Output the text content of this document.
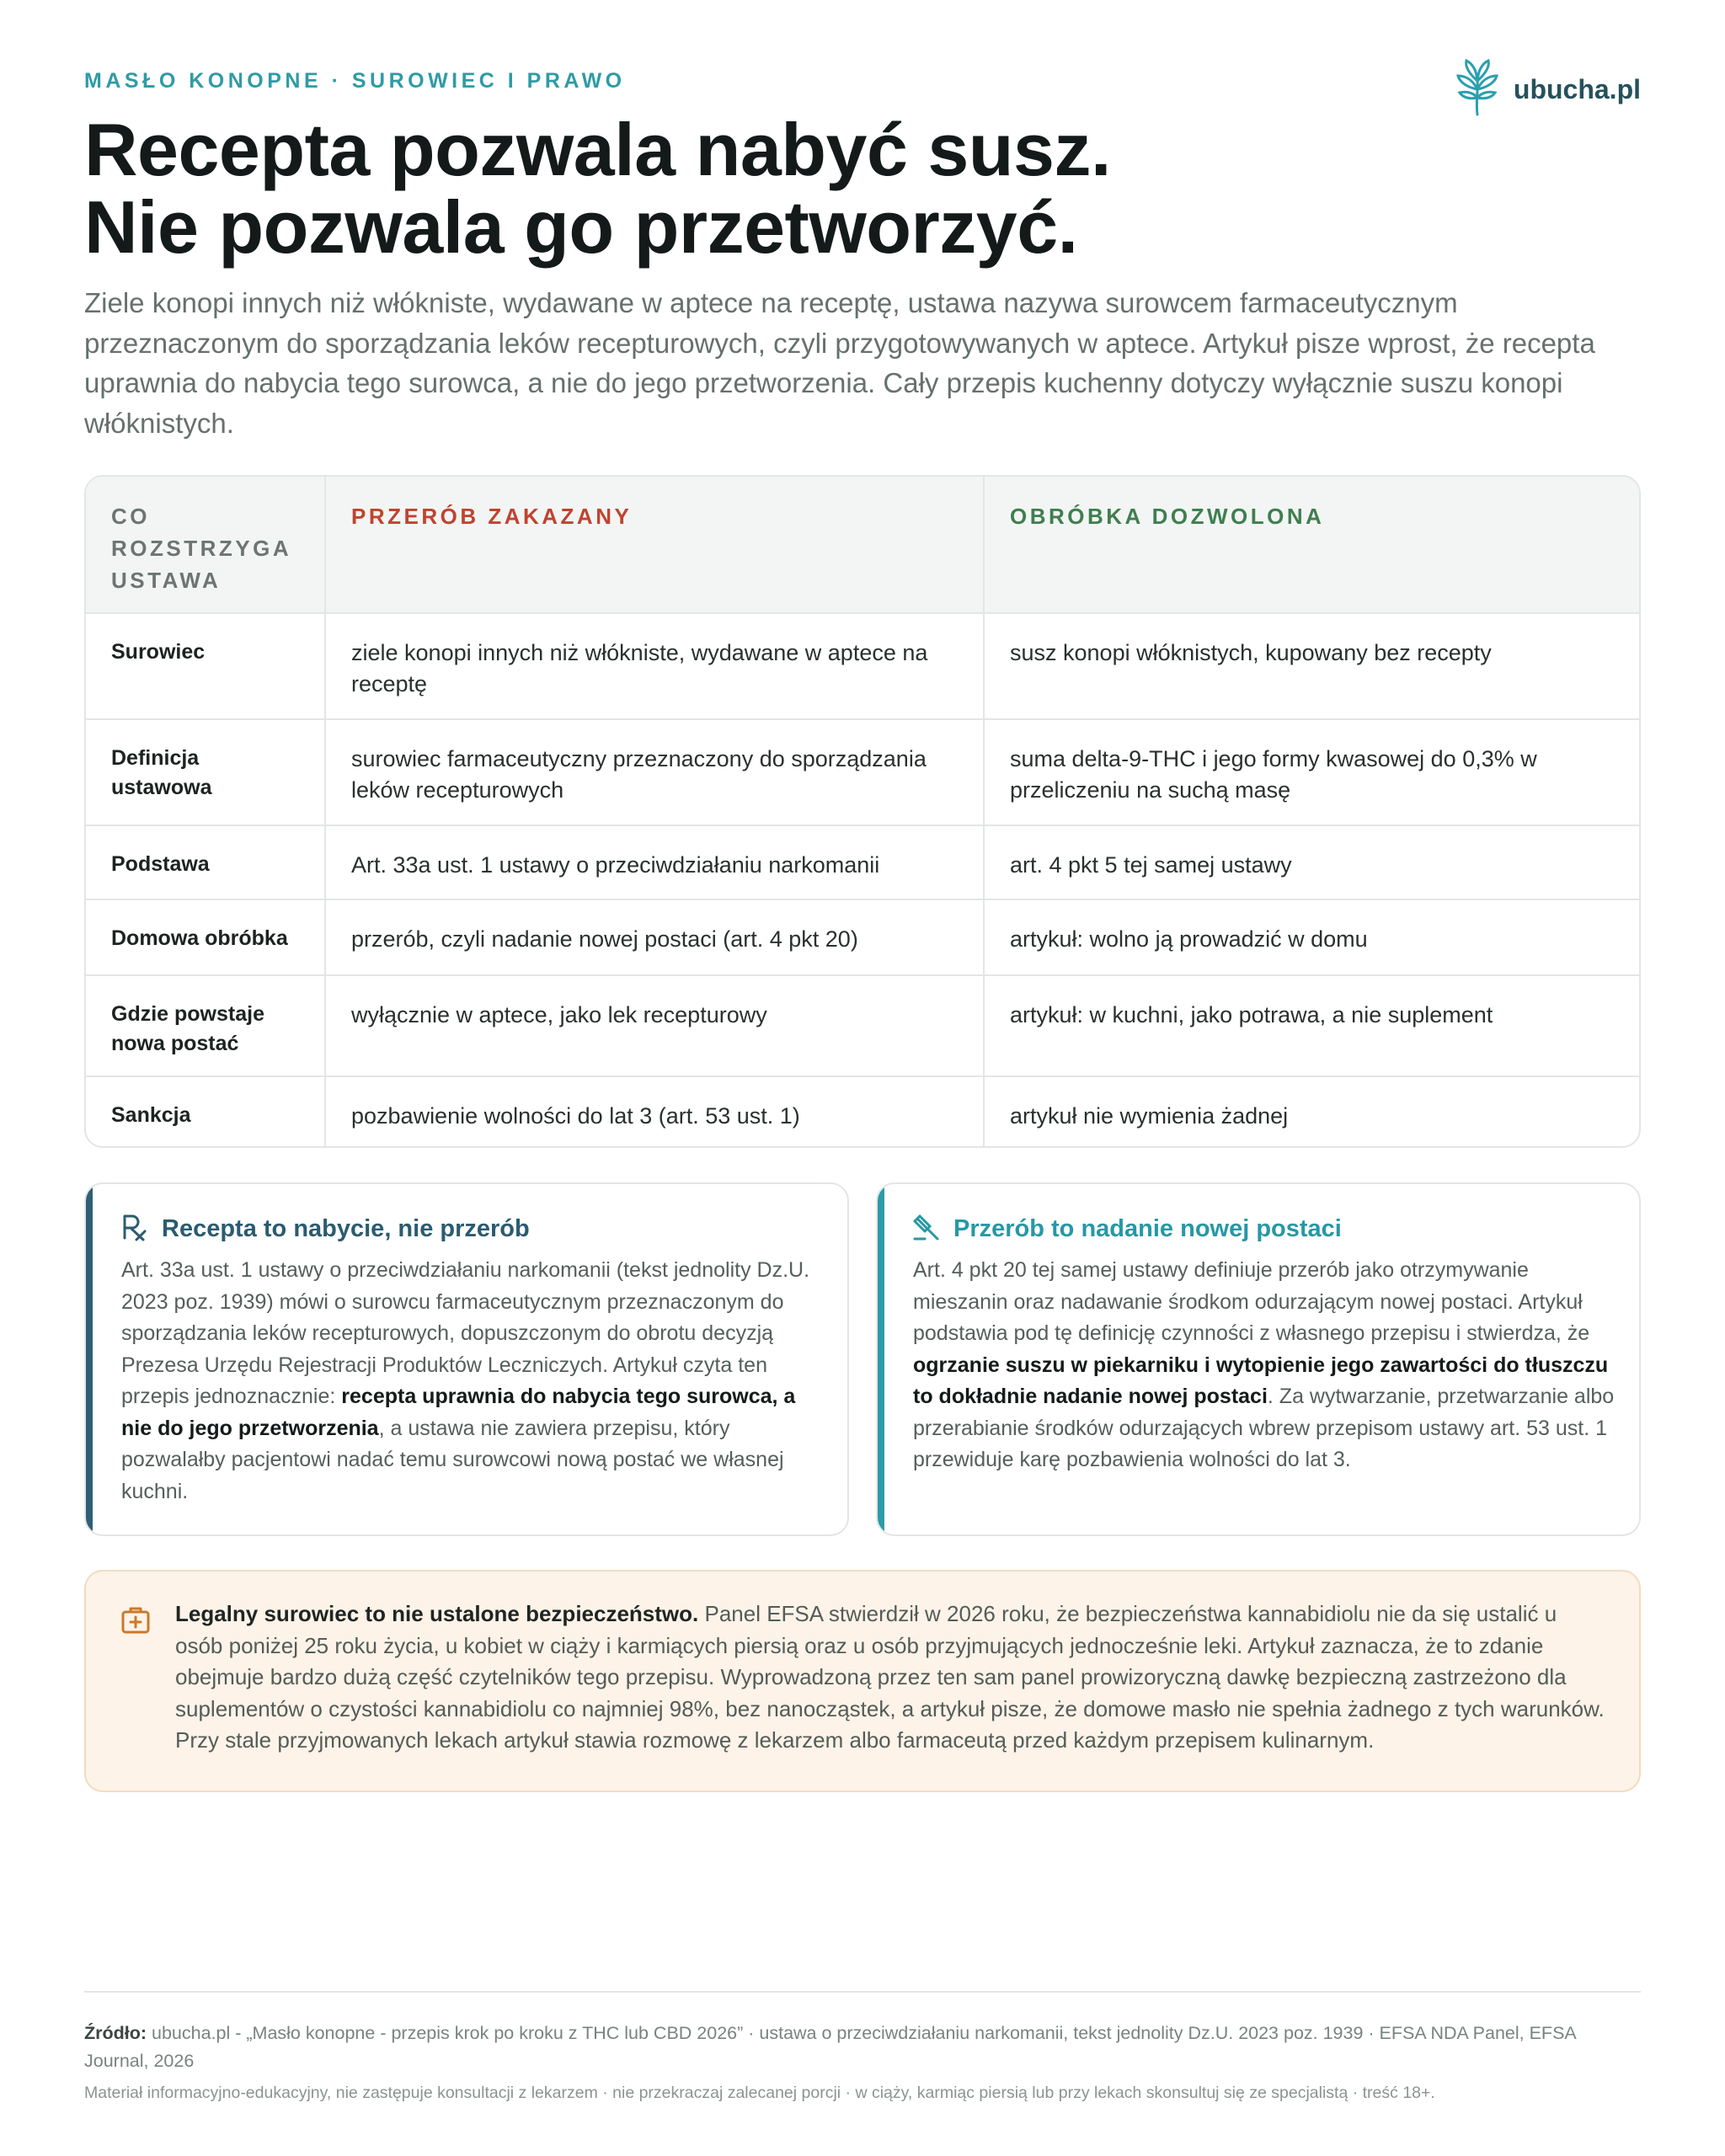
MASŁO KONOPNE · SUROWIEC I PRAWO	ubucha.pl
Recepta pozwala nabyć susz.
Nie pozwala go przetworzyć.

Ziele konopi innych niż włókniste, wydawane w aptece na receptę, ustawa nazywa surowcem farmaceutycznym przeznaczonym do sporządzania leków recepturowych, czyli przygotowywanych w aptece. Artykuł pisze wprost, że recepta uprawnia do nabycia tego surowca, a nie do jego przetworzenia. Cały przepis kuchenny dotyczy wyłącznie suszu konopi włóknistych.

CO ROZSTRZYGA USTAWA	PRZERÓB ZAKAZANY	OBRÓBKA DOZWOLONA
Surowiec	ziele konopi innych niż włókniste, wydawane w aptece na receptę	susz konopi włóknistych, kupowany bez recepty
Definicja ustawowa	surowiec farmaceutyczny przeznaczony do sporządzania leków recepturowych	suma delta-9-THC i jego formy kwasowej do 0,3% w przeliczeniu na suchą masę
Podstawa	Art. 33a ust. 1 ustawy o przeciwdziałaniu narkomanii	art. 4 pkt 5 tej samej ustawy
Domowa obróbka	przerób, czyli nadanie nowej postaci (art. 4 pkt 20)	artykuł: wolno ją prowadzić w domu
Gdzie powstaje nowa postać	wyłącznie w aptece, jako lek recepturowy	artykuł: w kuchni, jako potrawa, a nie suplement
Sankcja	pozbawienie wolności do lat 3 (art. 53 ust. 1)	artykuł nie wymienia żadnej
Recepta to nabycie, nie przerób

Art. 33a ust. 1 ustawy o przeciwdziałaniu narkomanii (tekst jednolity Dz.U. 2023 poz. 1939) mówi o surowcu farmaceutycznym przeznaczonym do sporządzania leków recepturowych, dopuszczonym do obrotu decyzją Prezesa Urzędu Rejestracji Produktów Leczniczych. Artykuł czyta ten przepis jednoznacznie: recepta uprawnia do nabycia tego surowca, a nie do jego przetworzenia, a ustawa nie zawiera przepisu, który pozwalałby pacjentowi nadać temu surowcowi nową postać we własnej kuchni.

Przerób to nadanie nowej postaci

Art. 4 pkt 20 tej samej ustawy definiuje przerób jako otrzymywanie mieszanin oraz nadawanie środkom odurzającym nowej postaci. Artykuł podstawia pod tę definicję czynności z własnego przepisu i stwierdza, że ogrzanie suszu w piekarniku i wytopienie jego zawartości do tłuszczu to dokładnie nadanie nowej postaci. Za wytwarzanie, przetwarzanie albo przerabianie środków odurzających wbrew przepisom ustawy art. 53 ust. 1 przewiduje karę pozbawienia wolności do lat 3.

Legalny surowiec to nie ustalone bezpieczeństwo. Panel EFSA stwierdził w 2026 roku, że bezpieczeństwa kannabidiolu nie da się ustalić u osób poniżej 25 roku życia, u kobiet w ciąży i karmiących piersią oraz u osób przyjmujących jednocześnie leki. Artykuł zaznacza, że to zdanie obejmuje bardzo dużą część czytelników tego przepisu. Wyprowadzoną przez ten sam panel prowizoryczną dawkę bezpieczną zastrzeżono dla suplementów o czystości kannabidiolu co najmniej 98%, bez nanocząstek, a artykuł pisze, że domowe masło nie spełnia żadnego z tych warunków. Przy stale przyjmowanych lekach artykuł stawia rozmowę z lekarzem albo farmaceutą przed każdym przepisem kulinarnym.

Źródło: ubucha.pl - „Masło konopne - przepis krok po kroku z THC lub CBD 2026” · ustawa o przeciwdziałaniu narkomanii, tekst jednolity Dz.U. 2023 poz. 1939 · EFSA NDA Panel, EFSA Journal, 2026

Materiał informacyjno-edukacyjny, nie zastępuje konsultacji z lekarzem · nie przekraczaj zalecanej porcji · w ciąży, karmiąc piersią lub przy lekach skonsultuj się ze specjalistą · treść 18+.
